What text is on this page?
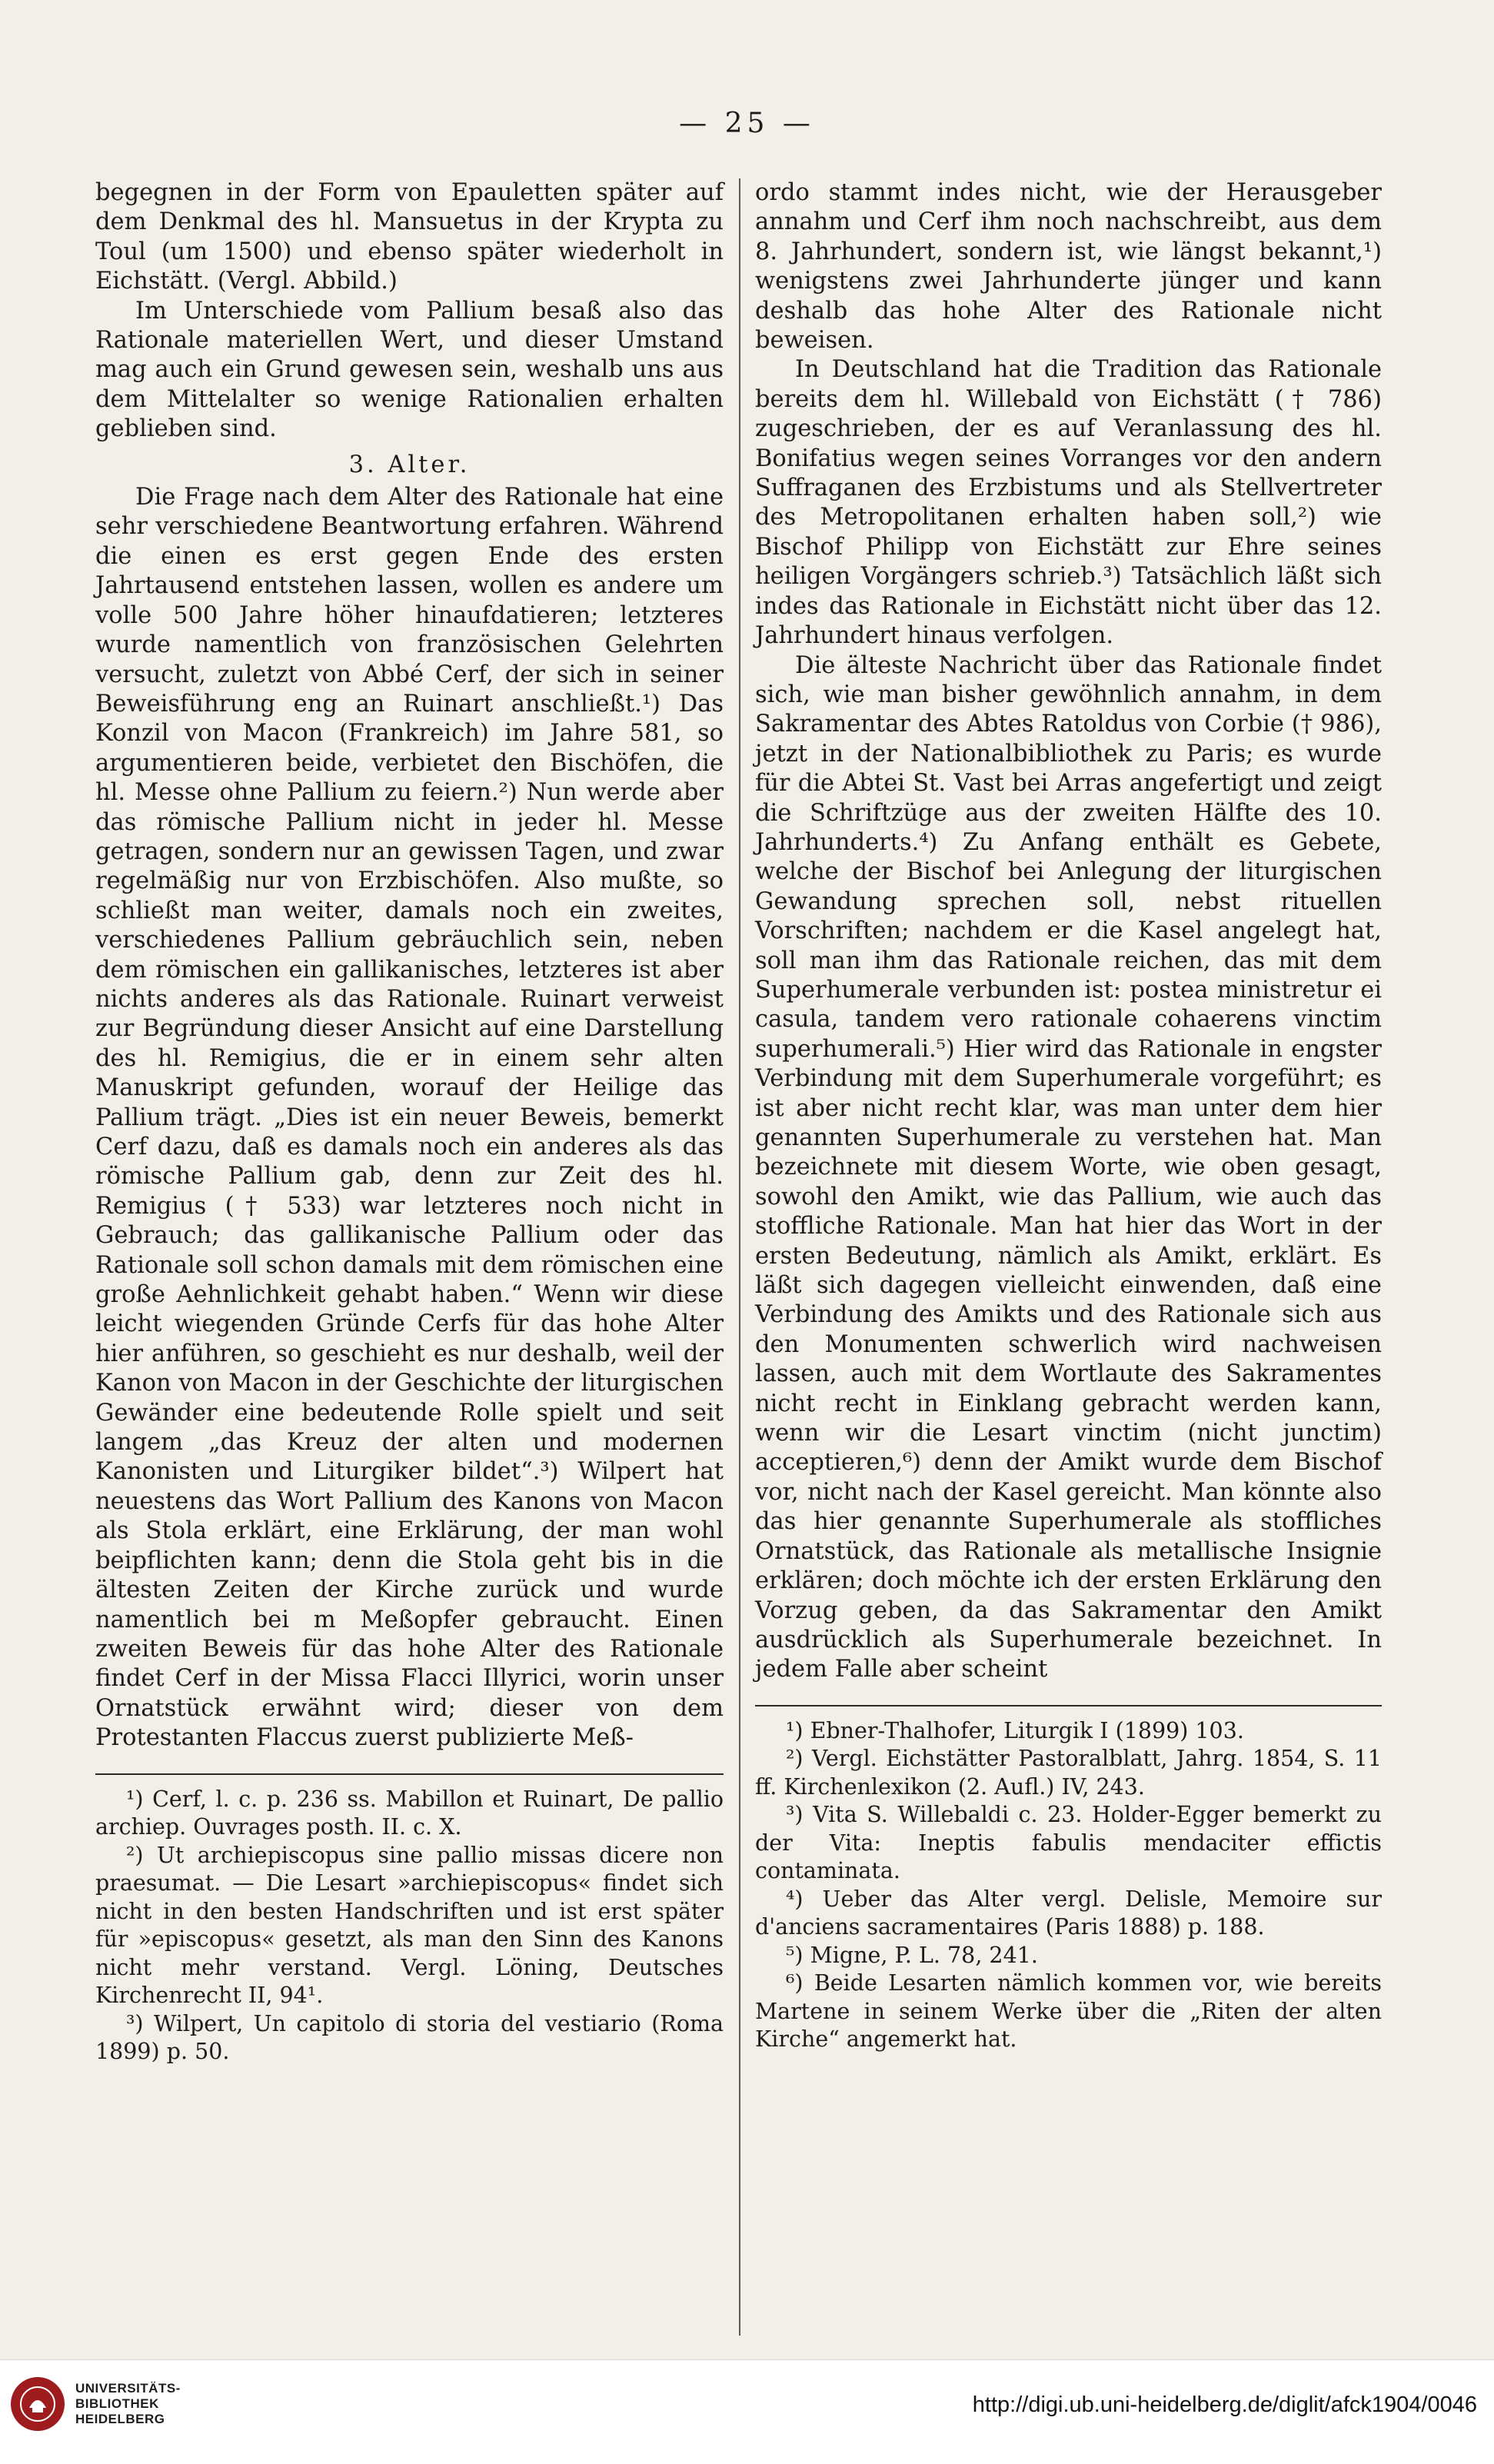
— 25 —

begegnen in der Form von Epauletten später auf dem Denkmal des hl. Mansuetus in der Krypta zu Toul (um 1500) und ebenso später wiederholt in Eichstätt. (Vergl. Abbild.)

Im Unterschiede vom Pallium besaß also das Rationale materiellen Wert, und dieser Umstand mag auch ein Grund gewesen sein, weshalb uns aus dem Mittelalter so wenige Rationalien erhalten geblieben sind.

3. Alter.

Die Frage nach dem Alter des Rationale hat eine sehr verschiedene Beantwortung erfahren. Während die einen es erst gegen Ende des ersten Jahrtausend entstehen lassen, wollen es andere um volle 500 Jahre höher hinaufdatieren; letzteres wurde namentlich von französischen Gelehrten versucht, zuletzt von Abbé Cerf, der sich in seiner Beweisführung eng an Ruinart anschließt.¹) Das Konzil von Macon (Frankreich) im Jahre 581, so argumentieren beide, verbietet den Bischöfen, die hl. Messe ohne Pallium zu feiern.²) Nun werde aber das römische Pallium nicht in jeder hl. Messe getragen, sondern nur an gewissen Tagen, und zwar regelmäßig nur von Erzbischöfen. Also mußte, so schließt man weiter, damals noch ein zweites, verschiedenes Pallium gebräuchlich sein, neben dem römischen ein gallikanisches, letzteres ist aber nichts anderes als das Rationale. Ruinart verweist zur Begründung dieser Ansicht auf eine Darstellung des hl. Remigius, die er in einem sehr alten Manuskript gefunden, worauf der Heilige das Pallium trägt. „Dies ist ein neuer Beweis, bemerkt Cerf dazu, daß es damals noch ein anderes als das römische Pallium gab, denn zur Zeit des hl. Remigius († 533) war letzteres noch nicht in Gebrauch; das gallikanische Pallium oder das Rationale soll schon damals mit dem römischen eine große Aehnlichkeit gehabt haben.“ Wenn wir diese leicht wiegenden Gründe Cerfs für das hohe Alter hier anführen, so geschieht es nur deshalb, weil der Kanon von Macon in der Geschichte der liturgischen Gewänder eine bedeutende Rolle spielt und seit langem „das Kreuz der alten und modernen Kanonisten und Liturgiker bildet“.³) Wilpert hat neuestens das Wort Pallium des Kanons von Macon als Stola erklärt, eine Erklärung, der man wohl beipflichten kann; denn die Stola geht bis in die ältesten Zeiten der Kirche zurück und wurde namentlich bei m Meßopfer gebraucht. Einen zweiten Beweis für das hohe Alter des Rationale findet Cerf in der Missa Flacci Illyrici, worin unser Ornatstück erwähnt wird; dieser von dem Protestanten Flaccus zuerst publizierte Meß-

¹) Cerf, l. c. p. 236 ss. Mabillon et Ruinart, De pallio archiep. Ouvrages posth. II. c. X.

²) Ut archiepiscopus sine pallio missas dicere non praesumat. — Die Lesart »archiepiscopus« findet sich nicht in den besten Handschriften und ist erst später für »episcopus« gesetzt, als man den Sinn des Kanons nicht mehr verstand. Vergl. Löning, Deutsches Kirchenrecht II, 94¹.

³) Wilpert, Un capitolo di storia del vestiario (Roma 1899) p. 50.

ordo stammt indes nicht, wie der Herausgeber annahm und Cerf ihm noch nachschreibt, aus dem 8. Jahrhundert, sondern ist, wie längst bekannt,¹) wenigstens zwei Jahrhunderte jünger und kann deshalb das hohe Alter des Rationale nicht beweisen.

In Deutschland hat die Tradition das Rationale bereits dem hl. Willebald von Eichstätt († 786) zugeschrieben, der es auf Veranlassung des hl. Bonifatius wegen seines Vorranges vor den andern Suffraganen des Erzbistums und als Stellvertreter des Metropolitanen erhalten haben soll,²) wie Bischof Philipp von Eichstätt zur Ehre seines heiligen Vorgängers schrieb.³) Tatsächlich läßt sich indes das Rationale in Eichstätt nicht über das 12. Jahrhundert hinaus verfolgen.

Die älteste Nachricht über das Rationale findet sich, wie man bisher gewöhnlich annahm, in dem Sakramentar des Abtes Ratoldus von Corbie († 986), jetzt in der Nationalbibliothek zu Paris; es wurde für die Abtei St. Vast bei Arras angefertigt und zeigt die Schriftzüge aus der zweiten Hälfte des 10. Jahrhunderts.⁴) Zu Anfang enthält es Gebete, welche der Bischof bei Anlegung der liturgischen Gewandung sprechen soll, nebst rituellen Vorschriften; nachdem er die Kasel angelegt hat, soll man ihm das Rationale reichen, das mit dem Superhumerale verbunden ist: postea ministretur ei casula, tandem vero rationale cohaerens vinctim superhumerali.⁵) Hier wird das Rationale in engster Verbindung mit dem Superhumerale vorgeführt; es ist aber nicht recht klar, was man unter dem hier genannten Superhumerale zu verstehen hat. Man bezeichnete mit diesem Worte, wie oben gesagt, sowohl den Amikt, wie das Pallium, wie auch das stoffliche Rationale. Man hat hier das Wort in der ersten Bedeutung, nämlich als Amikt, erklärt. Es läßt sich dagegen vielleicht einwenden, daß eine Verbindung des Amikts und des Rationale sich aus den Monumenten schwerlich wird nachweisen lassen, auch mit dem Wortlaute des Sakramentes nicht recht in Einklang gebracht werden kann, wenn wir die Lesart vinctim (nicht junctim) acceptieren,⁶) denn der Amikt wurde dem Bischof vor, nicht nach der Kasel gereicht. Man könnte also das hier genannte Superhumerale als stoffliches Ornatstück, das Rationale als metallische Insignie erklären; doch möchte ich der ersten Erklärung den Vorzug geben, da das Sakramentar den Amikt ausdrücklich als Superhumerale bezeichnet. In jedem Falle aber scheint

¹) Ebner-Thalhofer, Liturgik I (1899) 103.

²) Vergl. Eichstätter Pastoralblatt, Jahrg. 1854, S. 11 ff. Kirchenlexikon (2. Aufl.) IV, 243.

³) Vita S. Willebaldi c. 23. Holder-Egger bemerkt zu der Vita: Ineptis fabulis mendaciter effictis contaminata.

⁴) Ueber das Alter vergl. Delisle, Memoire sur d'anciens sacramentaires (Paris 1888) p. 188.

⁵) Migne, P. L. 78, 241.

⁶) Beide Lesarten nämlich kommen vor, wie bereits Martene in seinem Werke über die „Riten der alten Kirche“ angemerkt hat.

UNIVERSITÄTS-
BIBLIOTHEK
HEIDELBERG
http://digi.ub.uni-heidelberg.de/diglit/afck1904/0046
